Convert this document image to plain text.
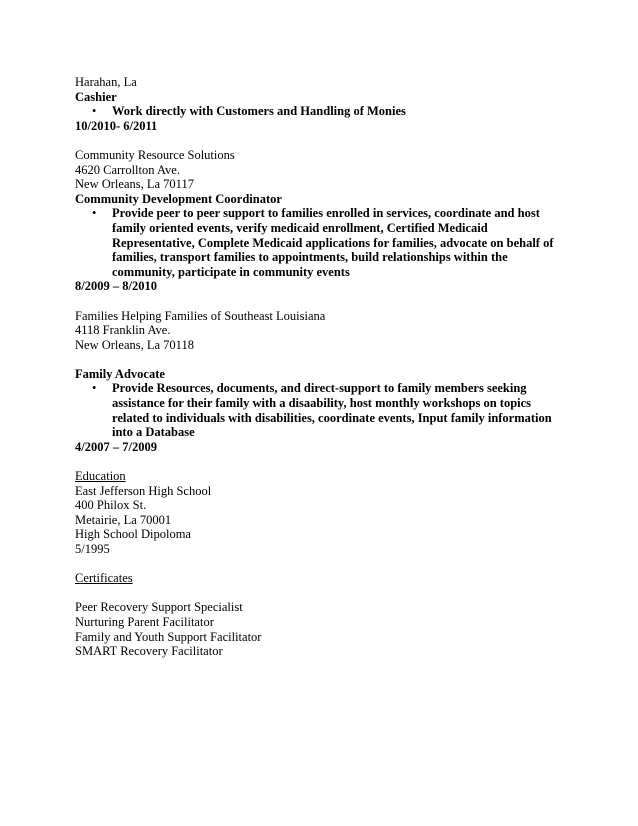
Harahan, La
Cashier
• Work directly with Customers and Handling of Monies
10/2010- 6/2011
Community Resource Solutions
4620 Carrollton Ave.
New Orleans, La 70117
Community Development Coordinator
• Provide peer to peer support to families enrolled in services, coordinate and host
family oriented events, verify medicaid enrollment, Certified Medicaid
Representative, Complete Medicaid applications for families, advocate on behalf of
families, transport families to appointments, build relationships within the
community, participate in community events
8/2009 – 8/2010
Families Helping Families of Southeast Louisiana
4118 Franklin Ave.
New Orleans, La 70118
Family Advocate
• Provide Resources, documents, and direct-support to family members seeking
assistance for their family with a disaability, host monthly workshops on topics
related to individuals with disabilities, coordinate events, Input family information
into a Database
4/2007 – 7/2009
Education
East Jefferson High School
400 Philox St.
Metairie, La 70001
High School Dipoloma
5/1995
Certificates
Peer Recovery Support Specialist
Nurturing Parent Facilitator
Family and Youth Support Facilitator
SMART Recovery Facilitator
